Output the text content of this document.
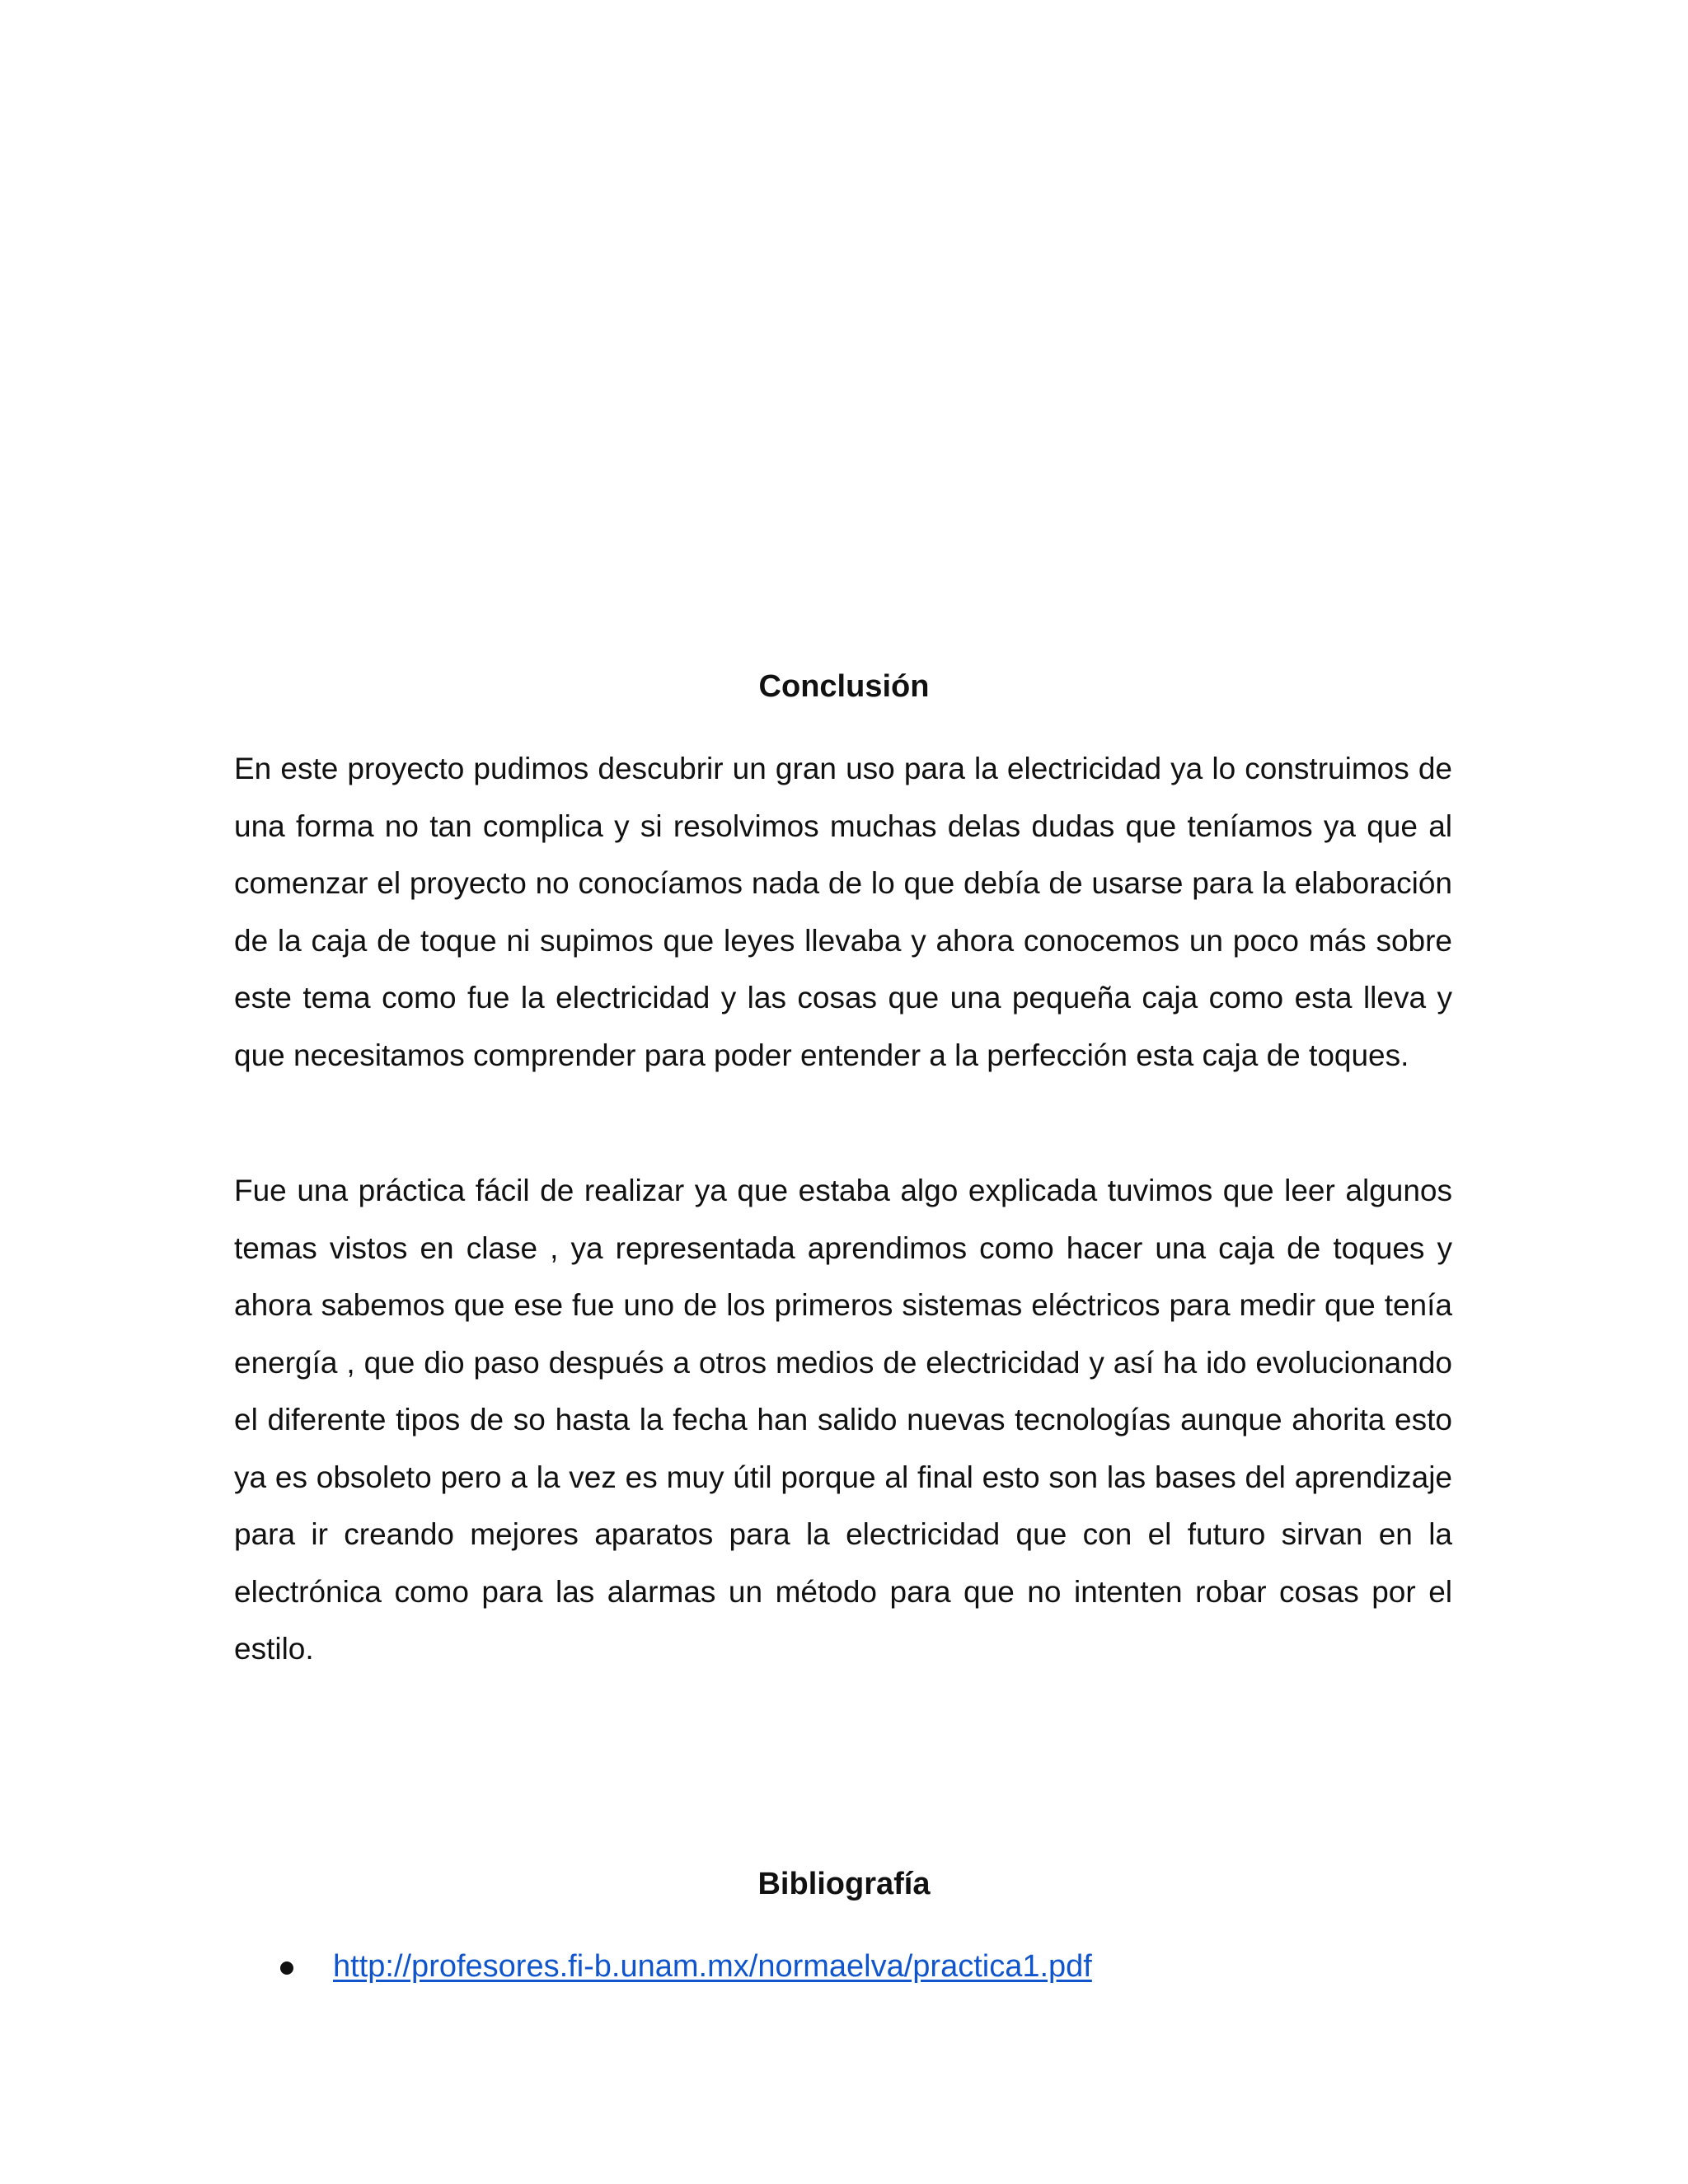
Conclusión

En este proyecto pudimos descubrir un gran uso para la electricidad ya lo construimos de una forma no tan complica y si resolvimos muchas delas dudas que teníamos ya que al comenzar el proyecto no conocíamos nada de lo que debía de usarse para la elaboración de la caja de toque ni supimos que leyes llevaba y ahora conocemos un poco más sobre este tema como fue la electricidad y las cosas que una pequeña caja como esta lleva y que necesitamos comprender para poder entender a la perfección esta caja de toques.

Fue una práctica fácil de realizar ya que estaba algo explicada tuvimos que leer algunos temas vistos en clase , ya representada aprendimos como hacer una caja de toques y ahora sabemos que ese fue uno de los primeros sistemas eléctricos para medir que tenía energía , que dio paso después a otros medios de electricidad y así ha ido evolucionando el diferente tipos de so hasta la fecha han salido nuevas tecnologías aunque ahorita esto ya es obsoleto pero a la vez es muy útil porque al final esto son las bases del aprendizaje para ir creando mejores aparatos para la electricidad que con el futuro sirvan en la electrónica como para las alarmas un método para que no intenten robar cosas por el estilo.

Bibliografía
http://profesores.fi-b.unam.mx/normaelva/practica1.pdf
